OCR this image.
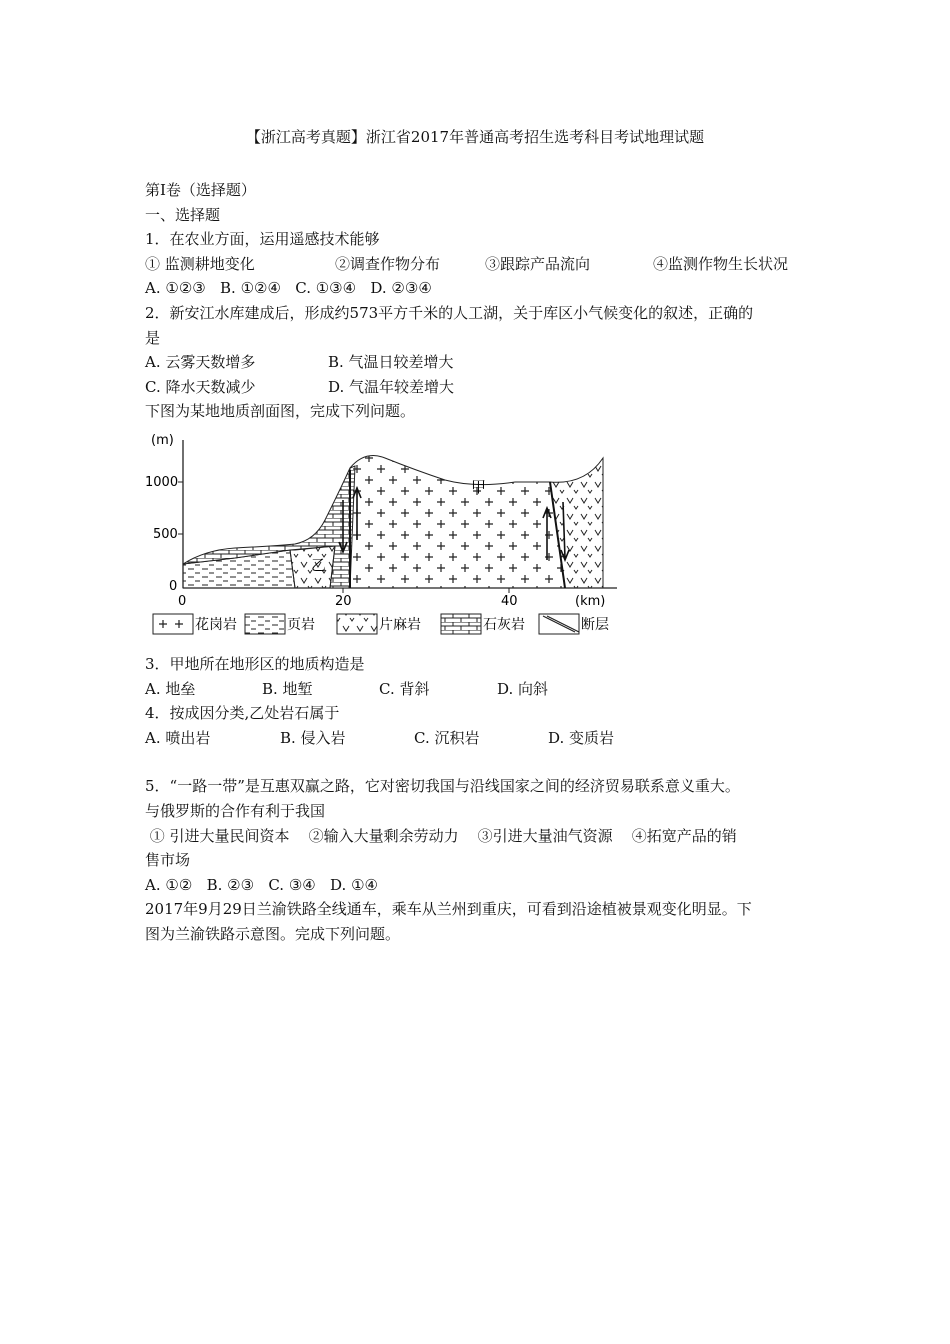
【浙江高考真题】浙江省2017年普通高考招生选考科目考试地理试题
第I卷（选择题）
一、选择题
1．在农业方面，运用遥感技术能够
① 监测耕地变化	②调查作物分布	③跟踪产品流向	④监测作物生长状况
A. ①②③ B. ①②④ C. ①③④ D. ②③④
2．新安江水库建成后，形成约573平方千米的人工湖，关于库区小气候变化的叙述，正确的
是
A. 云雾天数增多	B. 气温日较差增大
C. 降水天数减少	D. 气温年较差增大
下图为某地地质剖面图，完成下列问题。
(m)
1000
500
0
0	20	40	(km)
甲
乙
花岗岩	页岩	片麻岩	石灰岩	断层
3．甲地所在地形区的地质构造是
A. 地垒	B. 地堑	C. 背斜	D. 向斜
4．按成因分类,乙处岩石属于
A. 喷出岩	B. 侵入岩	C. 沉积岩	D. 变质岩
5．“一路一带”是互惠双赢之路，它对密切我国与沿线国家之间的经济贸易联系意义重大。
与俄罗斯的合作有利于我国
① 引进大量民间资本    ②输入大量剩余劳动力    ③引进大量油气资源    ④拓宽产品的销
售市场
A. ①② B. ②③ C. ③④ D. ①④
2017年9月29日兰渝铁路全线通车，乘车从兰州到重庆，可看到沿途植被景观变化明显。下
图为兰渝铁路示意图。完成下列问题。
